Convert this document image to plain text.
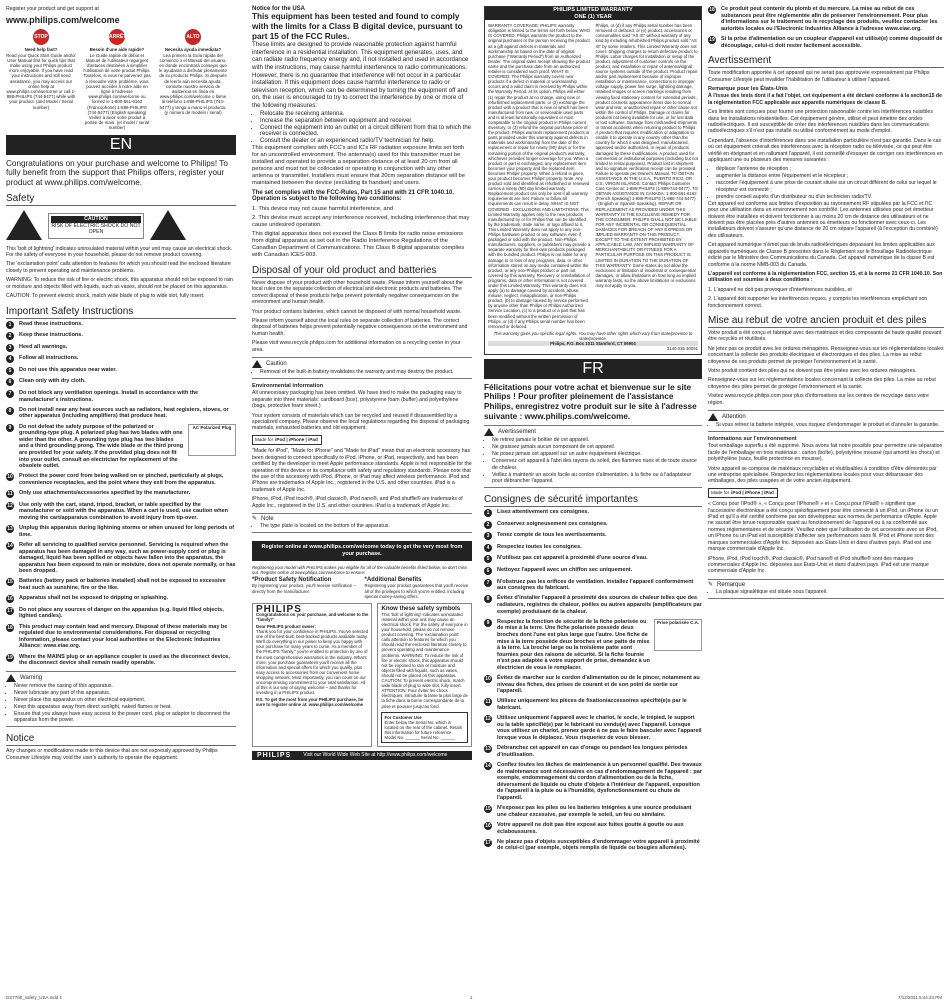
Register your product and get support at

www.philips.com/welcome
STOP
Need help fast?
Read your Quick Start Guide and/or User Manual first for quick tips that make using your Philips product more enjoyable. If you have read your instructions and still need assistance, you may access our online help at www.philips.com/welcome or call 1-888-PHILIPS (744-5477) while with your product. (and Model / Serial number)
ARRÊT
Besoin d'une aide rapide?
Le Guide rapide de début et Manuel de l'utilisateur regorgent d'astuces destinées à simplifier l'utilisation de votre produit Philips. Toutefois, si vous ne parvenez pas à résoudre votre problème, vous pouvez accéder à notre aide en ligne à l'adresse www.philips.com/welcome ou formez le 1-800-661-6162 (Francophone) 1-888-PHILIPS (744-5477) (English speaking) Veillez à avoir votre produit à portée de main. (et model / serial number)
ALTO
Necesita ayuda inmediata?
Lea primero la Guía rápida del comienzo o el Manual del usuario, en donde encontrará consejos que le ayudarán a disfrutar plenamente de su producto Philips. Si después de leerlo aún necesita ayuda, consulte nuestro servicio de asistencia en línea en www.philips.com/welcome o llame al teléfono 1-888-PHILIPS (744-5477) y tenga a mano el producto. (y número de modelo / serial)
EN
Congratulations on your purchase and welcome to Philips! To fully benefit from the support that Philips offers, register your product at www.philips.com/welcome.
Safety
CAUTION
RISK OF ELECTRIC SHOCK DO NOT OPEN

This 'bolt of lightning' indicates uninsulated material within your unit may cause an electrical shock. For the safety of everyone in your household, please do not remove product covering.

The 'exclamation point' calls attention to features for which you should read the enclosed literature closely to prevent operating and maintenance problems.

WARNING: To reduce the risk of fire or electric shock, this apparatus should not be exposed to rain or moisture and objects filled with liquids, such as vases, should not be placed on this apparatus.

CAUTION: To prevent electric shock, match wide blade of plug to wide slot, fully insert.

Important Safety Instructions
1	Read these instructions.
2	Keep these instructions.
3	Heed all warnings.
4	Follow all instructions.
5	Do not use this apparatus near water.
6	Clean only with dry cloth.
7	Do not block any ventilation openings. Install in accordance with the manufacturer's instructions.
8	Do not install near any heat sources such as radiators, heat registers, stoves, or other apparatus (including amplifiers) that produce heat.
9	Do not defeat the safety purpose of the polarized or grounding-type plug. A polarized plug has two blades with one wider than the other. A grounding type plug has two blades and a third grounding prong. The wide blade or the third prong are provided for your safety. If the provided plug does not fit into your outlet, consult an electrician for replacement of the obsolete outlet.
AC Polarized Plug
10 Protect the power cord from being walked on or pinched, particularly at plugs, convenience receptacles, and the point where they exit from the apparatus.
11 Only use attachments/accessories specified by the manufacturer.
12 Use only with the cart, stand, tripod, bracket, or table specified by the manufacturer or sold with the apparatus. When a cart is used, use caution when moving the cart/apparatus combination to avoid injury from tip-over.
13 Unplug this apparatus during lightning storms or when unused for long periods of time.
14 Refer all servicing to qualified service personnel. Servicing is required when the apparatus has been damaged in any way, such as power-supply cord or plug is damaged, liquid has been spilled or objects have fallen into the apparatus, the apparatus has been exposed to rain or moisture, does not operate normally, or has been dropped.
15 Batteries (battery pack or batteries installed) shall not be exposed to excessive heat such as sunshine, fire or the like.
16 Apparatus shall not be exposed to dripping or splashing.
17 Do not place any sources of danger on the apparatus (e.g. liquid filled objects, lighted candles).
18 This product may contain lead and mercury. Disposal of these materials may be regulated due to environmental considerations. For disposal or recycling information, please contact your local authorities or the Electronic Industries Alliance: www.eiae.org.
19 Where the MAINS plug or an appliance coupler is used as the disconnect device, the disconnect device shall remain readily operable.
Warning
• Never remove the casing of this apparatus.
• Never lubricate any part of this apparatus.
• Never place this apparatus on other electrical equipment.
• Keep this apparatus away from direct sunlight, naked flames or heat.
• Ensure that you always have easy access to the power cord, plug or adaptor to disconnect the apparatus from the power.
Notice

Any changes or modifications made to this device that are not expressly approved by Philips Consumer Lifestyle may void the user's authority to operate the equipment.

Notice for the USA
This equipment has been tested and found to comply with the limits for a Class B digital device, pursuant to part 15 of the FCC Rules.
These limits are designed to provide reasonable protection against harmful interference in a residential installation. This equipment generates, uses, and can radiate radio frequency energy and, if not installed and used in accordance with the instructions, may cause harmful interference to radio communications. However, there is no guarantee that interference will not occur in a particular installation. If this equipment does cause harmful interference to radio or television reception, which can be determined by turning the equipment off and on, the user is encouraged to try to correct the interference by one or more of the following measures:
• Relocate the receiving antenna.
• Increase the separation between equipment and receiver.
• Connect the equipment into an outlet on a circuit different from that to which the receiver is connected.
• Consult the dealer or an experienced radio/TV technician for help.

This equipment complies with FCC's and IC's RF radiation exposure limits set forth for an uncontrolled environment. The antenna(s) used for this transmitter must be installed and operated to provide a separation distance of at least 20 cm from all persons and must not be collocated or operating in conjunction with any other antenna or transmitter. Installers must ensure that 20cm separation distance will be maintained between the device (excluding its handset) and users.

The set complies with the FCC-Rules, Part 15 and with 21 CFR 1040.10. Operation is subject to the following two conditions:

1. This device may not cause harmful interference, and

2. This device must accept any interference received, including interference that may cause undesired operation.

This digital apparatus does not exceed the Class B limits for radio noise emissions from digital apparatus as set out in the Radio Interference Regulations of the Canadian Department of Communications. This Class B digital apparatus complies with Canadian ICES-003.

Disposal of your old product and batteries

Never dispose of your product with other household waste. Please inform yourself about the local rules on the separate collection of electrical and electronic products and batteries. The correct disposal of these products helps prevent potentially negative consequences on the environment and human health.

Your product contains batteries, which cannot be disposed of with normal household waste.

Please inform yourself about the local rules on separate collection of batteries. The correct disposal of batteries helps prevent potentially negative consequences on the environment and human health.

Please visit www.recycle.philips.com for additional information on a recycling center in your area.

Caution
• Removal of the built-in battery invalidates the warranty and may destroy the product.
Environmental information

All unnecessary packaging has been omitted. We have tried to make the packaging easy to separate into three materials: cardboard (box), polystyrene foam (buffer) and polyethylene (bags, protective foam sheet.)

Your system consists of materials which can be recycled and reused if disassembled by a specialized company. Please observe the local regulations regarding the disposal of packaging materials, exhausted batteries and old equipment.

Made for iPod | iPhone | iPad

"Made for iPod", "Made for iPhone" and "Made for iPad" mean that an electronic accessory has been designed to connect specifically to iPod, iPhone, or iPad, respectively, and has been certified by the developer to meet Apple performance standards. Apple is not responsible for the operation of this device or its compliance with safety and regulatory standards. Please note that the use of this accessory with iPod, iPhone, or iPad may affect wireless performance. iPod and iPhone are trademarks of Apple Inc., registered in the U.S. and other countries. iPad is a trademark of Apple Inc.

iPhone, iPod, iPod touch®, iPod classic®, iPod nano®, and iPod shuffle® are trademarks of Apple Inc., registered in the U.S. and other countries. iPad is a trademark of Apple Inc.

✎ Note
• The type plate is located on the bottom of the apparatus.
Register online at www.philips.com/welcome today to get the very most from your purchase.

Registering your model with PHILIPS makes you eligible for all of the valuable benefits listed below, so don't miss out. Register online at www.philips.com/welcome to ensure:

*Product Safety Notification
By registering your product, you'll receive notification – directly from the manufacturer.
*Additional Benefits
Registering your product guarantees that you'll receive all of the privileges to which you're entitled, including special money-saving offers.
PHILIPS
Congratulations on your purchase, and welcome to the "family!"
Dear PHILIPS product owner:
Thank you for your confidence in PHILIPS. You've selected one of the best-built, best-backed products available today. We'll do everything in our power to keep you happy with your purchase for many years to come. As a member of the PHILIPS "family," you're entitled to protection by one of the most comprehensive warranties in the industry. What's more, your purchase guarantees you'll receive all the information and special offers for which you qualify, plus easy access to accessories from our convenient home shopping network. Most importantly, you can count on our uncompromising commitment to your total satisfaction. All of this is our way of saying welcome – and thanks for investing in a PHILIPS product.
P.S. To get the most from your PHILIPS purchase, be sure to register online at: www.philips.com/welcome
Know these safety symbols
This 'bolt of lightning' indicates uninsulated material within your unit may cause an electrical shock. For the safety of everyone in your household, please do not remove product covering. The 'exclamation point' calls attention to features for which you should read the enclosed literature closely to prevent operating and maintenance problems. WARNING: To reduce the risk of fire or electric shock, this apparatus should not be exposed to rain or moisture and objects filled with liquids, such as vases, should not be placed on this apparatus. CAUTION: To prevent electric shock, match wide blade of plug to wide slot, fully insert. ATTENTION: Pour éviter les chocs électriques, introduire la lame la plus large de la fiche dans la borne correspondante de la prise et pousser jusqu'au fond.
For Customer Use
Enter below the Serial No. which is located on the rear of the cabinet. Retain this information for future reference. Model No. ______ Serial No. ______
PHILIPS Visit our World Wide Web Site at http://www.philips.com/welcome
PHILIPS LIMITED WARRANTY
ONE (1) YEAR
WARRANTY COVERAGE: PHILIPS warranty obligation is limited to the terms set forth below. WHO IS COVERED: Philips warrants the product to the original purchaser or the person receiving the product as a gift against defects in materials and workmanship as based on the date of original purchase ("Warranty Period") from an Authorized Dealer. The original sales receipt showing the product name and the purchase date from an authorized retailer is considered such proof. WHAT IS COVERED: The Philips warranty covers new products if a defect in material or workmanship occurs and a valid claim is received by Philips within the Warranty Period. At its option, Philips will either (1) repair the product at no charge, using new or refurbished replacement parts, or (2) exchange the product with a product that is new or which has been manufactured from new, or serviceable used parts and is at least functionally equivalent or most comparable to the original product in Philips current inventory, or (3) refund the original purchase price of the product. Philips warrants replacement products or parts provided under this warranty against defects in materials and workmanship from the date of the replacement or repair for ninety (90) days or for the remaining portion of the original product's warranty, whichever provides longer coverage for you. When a product or part is exchanged, any replacement item becomes your property and the replaced item becomes Philips' property. When a refund is given, your product becomes Philips' property. Note: Any product sold and identified as refurbished or renewed carries a ninety (90) day limited warranty. Replacement product can only be sent if all warranty requirements are met. Failure to follow all requirements can result in delay. WHAT IS NOT COVERED - EXCLUSIONS AND LIMITATIONS: This Limited Warranty applies only to the new products manufactured by or for Philips that can be identified by the trademark, trade name, or logo affixed to it. This Limited Warranty does not apply to any non-Philips hardware product or any software, even if packaged or sold with the product. Non-Philips manufacturers, suppliers, or publishers may provide a separate warranty for their own products packaged with the bundled product. Philips is not liable for any damage to or loss of any programs, data, or other information stored on any media contained within the product, or any non-Philips product or part not covered by this warranty. Recovery or reinstallation of programs, data or other information is not covered under this Limited Warranty. This warranty does not apply (a) to damage caused by accident, abuse, misuse, neglect, misapplication, or non-Philips product, (b) to damage caused by service performed by anyone other than Philips or Philips Authorized Service Location, (c) to a product or a part that has been modified without the written permission of Philips, or (d) if any Philips serial number has been removed or defaced.
Philips, or (d) if any Philips serial number has been removed or defaced, or (e) product, accessories or consumables sold "AS IS" without warranty of any kind by including refurbished Philips product sold "AS IS" by some retailers. This Limited Warranty does not cover: Shipping charges to return defective product to Philips. Labor charges for installation or setup of the product, adjustment of customer controls on the product, and installation or repair of antenna/signal source systems outside of the product. Product repair and/or part replacement because of improper installation or maintenance, connections to improper voltage supply, power line surge, lightning damage, retained images or screen markings resulting from viewing fixed stationary content for extended periods, product cosmetic appearance items due to normal wear and tear, unauthorized repair or other cause not within the control of Philips. Damage or claims for products not being available for use, or for lost data or lost software. Damage from mishandled shipments or transit accidents when returning product to Philips. A product that requires modification or adaptation to enable it to operate in any country other than the country for which it was designed, manufactured, approved and/or authorized, or repair of products damaged by these modifications. A product used for commercial or institutional purposes (including but not limited to rental purposes). Product lost in shipment and no signature verification receipt can be provided. Failure to operate per Owner's Manual. TO OBTAIN ASSISTANCE IN THE U.S.A., PUERTO RICO, OR U.S. VIRGIN ISLANDS: Contact Philips Customer Care Center at: 1-888-PHILIPS (1-888-744-5477). TO OBTAIN ASSISTANCE IN CANADA: 1-800-661-6162 (French Speaking) 1-888-PHILIPS (1-888-744-5477) - (English or Spanish Speaking). REPAIR OR REPLACEMENT AS PROVIDED UNDER THIS WARRANTY IS THE EXCLUSIVE REMEDY FOR THE CONSUMER. PHILIPS SHALL NOT BE LIABLE FOR ANY INCIDENTAL OR CONSEQUENTIAL DAMAGES FOR BREACH OF ANY EXPRESS OR IMPLIED WARRANTY ON THIS PRODUCT. EXCEPT TO THE EXTENT PROHIBITED BY APPLICABLE LAW, ANY IMPLIED WARRANTY OF MERCHANTABILITY OR FITNESS FOR A PARTICULAR PURPOSE ON THIS PRODUCT IS LIMITED IN DURATION TO THE DURATION OF THIS WARRANTY. Some states do not allow the exclusions or limitation of incidental or consequential damages, or allow limitations on how long an implied warranty lasts, so the above limitations or exclusions may not apply to you.
This warranty gives you specific legal rights. You may have other rights which vary from state/province to state/province.
Philips, P.O. Box 1011 Stamford, CT 06904
3140 035 30091
FR
Félicitations pour votre achat et bienvenue sur le site Philips ! Pour profiter pleinement de l'assistance Philips, enregistrez votre produit sur le site à l'adresse suivante : www.philips.com/welcome.
Avertissement
• Ne retirez jamais le boîtier de cet appareil.
• Ne graissez jamais aucun composant de cet appareil.
• Ne posez jamais cet appareil sur un autre équipement électrique.
• Conservez cet appareil à l'abri des rayons du soleil, des flammes nues et de toute source de chaleur.
• Veillez à maintenir un accès facile au cordon d'alimentation, à la fiche ou à l'adaptateur pour débrancher l'appareil.
Consignes de sécurité importantes
1	Lisez attentivement ces consignes.
2	Conservez soigneusement ces consignes.
3	Tenez compte de tous les avertissements.
4	Respectez toutes les consignes.
5	N'utilisez pas cet appareil à proximité d'une source d'eau.
6	Nettoyez l'appareil avec un chiffon sec uniquement.
7	N'obstruez pas les orifices de ventilation. Installez l'appareil conformément aux consignes du fabricant.
8	Évitez d'installer l'appareil à proximité des sources de chaleur telles que des radiateurs, registres de chaleur, poêles ou autres appareils (amplificateurs par exemple) produisant de la chaleur.
9	Respectez la fonction de sécurité de la fiche polarisée ou de mise à la terre. Une fiche polarisée possède deux broches dont l'une est plus large que l'autre. Une fiche de mise à la terre possède deux broches et une patte de mise à la terre. La broche large ou la troisième patte sont fournies pour des raisons de sécurité. Si la fiche fournie n'est pas adaptée à votre support de prise, demandez à un électricien de vous le remplacer.
Prise polarisée C.A.
10 Évitez de marcher sur le cordon d'alimentation ou de le pincer, notamment au niveau des fiches, des prises de courant et de son point de sortie sur l'appareil.
11 Utilisez uniquement les pièces de fixation/accessoires spécifié(e)s par le fabricant.
12 Utilisez uniquement l'appareil avec le chariot, le socle, le trépied, le support ou la table spécifié(e) par le fabricant ou vendu(e) avec l'appareil. Lorsque vous utilisez un chariot, prenez garde à ne pas le faire basculer avec l'appareil lorsque vous le déplacez. Vous risqueriez de vous blesser.
13 Débranchez cet appareil en cas d'orage ou pendant les longues périodes d'inutilisation.
14 Confiez toutes les tâches de maintenance à un personnel qualifié. Des travaux de maintenance sont nécessaires en cas d'endommagement de l'appareil : par exemple, endommagement du cordon d'alimentation ou de la fiche, déversement de liquide ou chute d'objets à l'intérieur de l'appareil, exposition de l'appareil à la pluie ou à l'humidité, dysfonctionnement ou chute de l'appareil.
15 N'exposez pas les piles ou les batteries intégrées à une source produisant une chaleur excessive, par exemple le soleil, un feu ou similaire.
16 Votre appareil ne doit pas être exposé aux fuites goutte à goutte ou aux éclaboussures.
17 Ne placez pas d'objets susceptibles d'endommager votre appareil à proximité de celui-ci (par exemple, objets remplis de liquide ou bougies allumées).
18 Ce produit peut contenir du plomb et du mercure. La mise au rebut de ces substances peut être réglementée afin de préserver l'environnement. Pour plus d'informations sur le traitement ou le recyclage des produits, veuillez contacter les autorités locales ou l'Electronic Industries Alliance à l'adresse www.eiae.org.
19 Si la prise d'alimentation ou un coupleur d'appareil est utilisé(e) comme dispositif de découplage, celui-ci doit rester facilement accessible.
Avertissement

Toute modification apportée à cet appareil qui ne serait pas approuvée expressément par Philips Consumer Lifestyle peut invalider l'habilitation de l'utilisateur à utiliser l'appareil.

Remarque pour les États-Unis

À l'issue des tests dont il a fait l'objet, cet équipement a été déclaré conforme à la section15 de la réglementation FCC applicable aux appareils numériques de classe B.

Ces limites sont conçues pour fournir une protection raisonnable contre les interférences nuisibles dans les installations résidentielles. Cet équipement génère, utilise et peut émettre des ondes radioélectriques. Il est susceptible de créer des interférences nuisibles dans les communications radioélectriques s'il n'est pas installé ou utilisé conformément au mode d'emploi.

Cependant, l'absence d'interférences dans une installation particulière n'est pas garantie. Dans le cas où cet équipement créerait des interférences avec la réception radio ou télévisée, ce qui peut être vérifié en éteignant et en rallumant l'appareil, il est conseillé d'essayer de corriger ces interférences en appliquant une ou plusieurs des mesures suivantes :

• déplacer l'antenne de réception ;
• augmenter la distance entre l'équipement et le récepteur ;
• raccorder l'équipement à une prise de courant située sur un circuit différent de celui sur lequel le récepteur est connecté ;
• prendre conseil auprès d'un distributeur ou d'un technicien radio/TV.

Cet appareil est conforme aux limites d'exposition au rayonnement RF stipulées par la FCC et l'IC pour une utilisation dans un environnement non contrôlé. Les antennes utilisées pour cet émetteur doivent être installées et doivent fonctionner à au moins 20 cm de distance des utilisateurs et ne doivent pas être placées près d'autres antennes ou émetteurs ou fonctionner avec ceux-ci. Les installateurs doivent s'assurer qu'une distance de 20 cm sépare l'appareil (à l'exception du combiné) des utilisateurs.

Cet appareil numérique n'émet pas de bruits radioélectriques dépassant les limites applicables aux appareils numériques de Classe B prescrites dans le Règlement sur le Brouillage Radioélectrique édicté par le Ministère des Communications du Canada. Cet appareil numérique de la classe B est conforme à la norme NMB-003 du Canada.

L'appareil est conforme à la réglementation FCC, section 15, et à la norme 21 CFR 1040.10. Son utilisation est soumise à deux conditions :

1. L'appareil ne doit pas provoquer d'interférences nuisibles, et

2. L'appareil doit supporter les interférences reçues, y compris les interférences empêchant son fonctionnement correct.

Mise au rebut de votre ancien produit et des piles

Votre produit a été conçu et fabriqué avec des matériaux et des composants de haute qualité pouvant être recyclés et réutilisés.

Ne jetez pas ce produit avec les ordures ménagères. Renseignez-vous sur les réglementations locales concernant la collecte des produits électriques et électroniques et des piles. La mise au rebut citoyenne de ces produits permet de protéger l'environnement et la santé.

Votre produit contient des piles qui ne doivent pas être jetées avec les ordures ménagères.

Renseignez-vous sur les réglementations locales concernant la collecte des piles. La mise au rebut citoyenne des piles permet de protéger l'environnement et la santé.

Visitez www.recycle.philips.com pour plus d'informations sur les centres de recyclage dans votre région.

Attention
• Si vous retirez la batterie intégrée, vous risquez d'endommager le produit et d'annuler la garantie.
Informations sur l'environnement

Tout emballage superflu a été supprimé. Nous avons fait notre possible pour permettre une séparation facile de l'emballage en trois matériaux : carton (boîte), polystyrène moussé (qui amortit les chocs) et polyéthylène (sacs, feuille protectrice en mousse).

Votre appareil se compose de matériaux recyclables et réutilisables à condition d'être démontés par une entreprise spécialisée. Respectez les réglementations locales pour vous débarrasser des emballages, des piles usagées et de votre ancien équipement.

Made for iPod | iPhone | iPad

« Conçu pour l'iPod® », « Conçu pour l'iPhone® » et « Conçu pour l'iPad® » signifient que l'accessoire électronique a été conçu spécifiquement pour être connecté à un iPod, un iPhone ou un iPad et qu'il a été certifié conforme par son développeur aux normes de performance d'Apple. Apple ne saurait être tenue responsable quant au fonctionnement de l'appareil ou à sa conformité aux normes réglementaires et de sécurité. Veuillez noter que l'utilisation de cet accessoire avec un iPod, un iPhone ou un iPad est susceptible d'affecter ses performances sans fil. iPod et iPhone sont des marques commerciales d'Apple Inc. déposées aux États-Unis et dans d'autres pays. iPad est une marque commerciale d'Apple Inc.

iPhone, iPod, iPod touch®, iPod classic®, iPod nano® et iPod shuffle® sont des marques commerciales d'Apple Inc. déposées aux États-Unis et dans d'autres pays. iPad est une marque commerciale d'Apple Inc.

✎ Remarque
• La plaque signalétique est située sous l'appareil.
DS7700_safety_USA.indd 1	1	7/12/2011 5:44:34 PM
